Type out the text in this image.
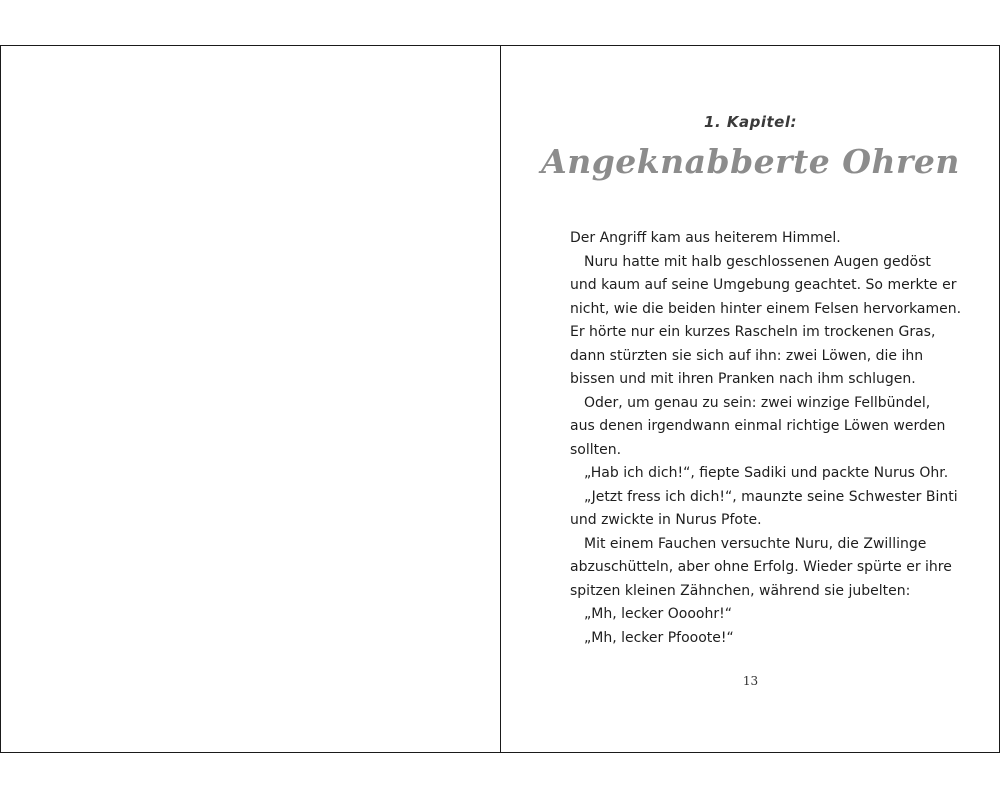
1. Kapitel:
Angeknabberte Ohren
Der Angriff kam aus heiterem Himmel.
Nuru hatte mit halb geschlossenen Augen gedöst
und kaum auf seine Umgebung geachtet. So merkte er
nicht, wie die beiden hinter einem Felsen hervorkamen.
Er hörte nur ein kurzes Rascheln im trockenen Gras,
dann stürzten sie sich auf ihn: zwei Löwen, die ihn
bissen und mit ihren Pranken nach ihm schlugen.
Oder, um genau zu sein: zwei winzige Fellbündel,
aus denen irgendwann einmal richtige Löwen werden
sollten.
„Hab ich dich!“, fiepte Sadiki und packte Nurus Ohr.
„Jetzt fress ich dich!“, maunzte seine Schwester Binti
und zwickte in Nurus Pfote.
Mit einem Fauchen versuchte Nuru, die Zwillinge
abzuschütteln, aber ohne Erfolg. Wieder spürte er ihre
spitzen kleinen Zähnchen, während sie jubelten:
„Mh, lecker Oooohr!“
„Mh, lecker Pfooote!“
13
